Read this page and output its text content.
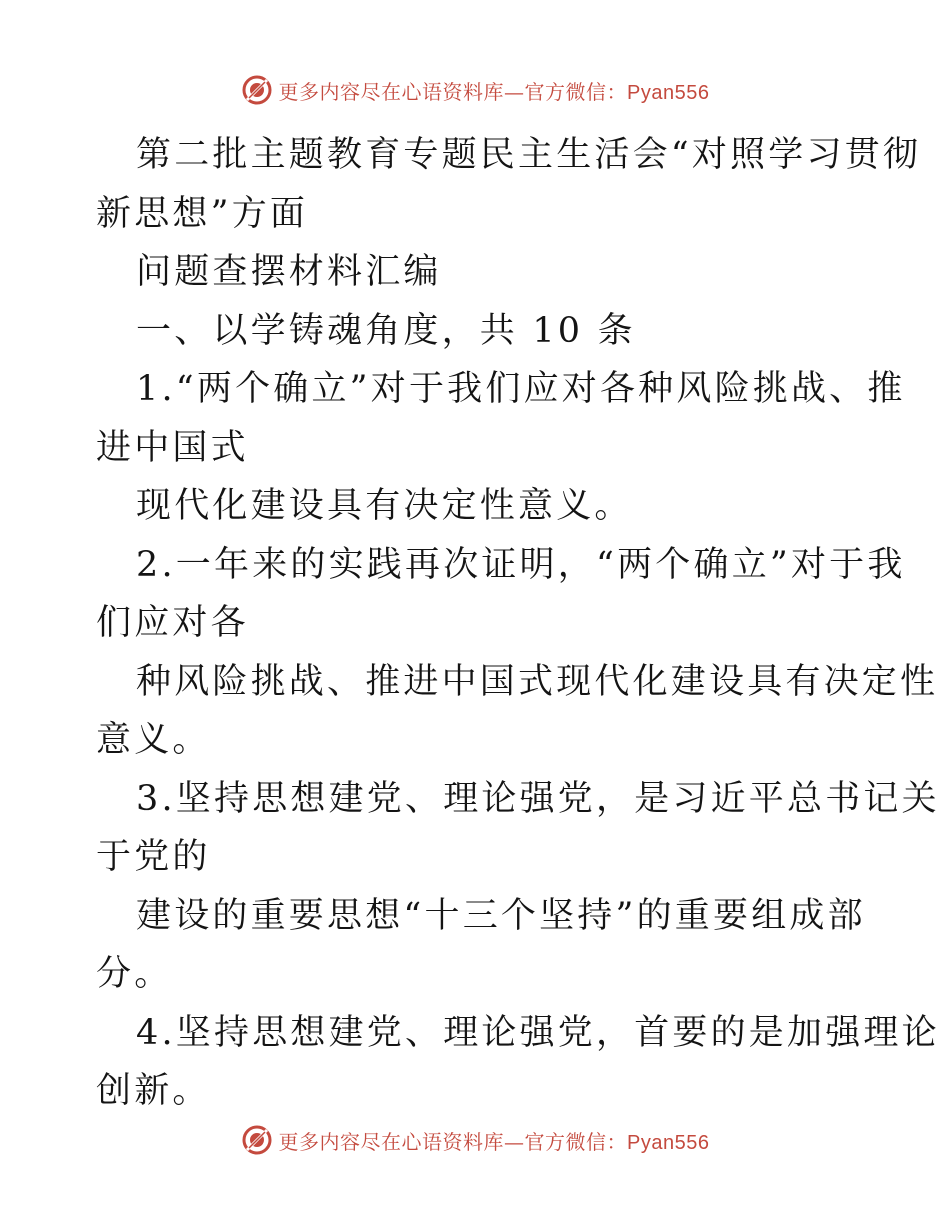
更多内容尽在心语资料库—官方微信：Pyan556
第二批主题教育专题民主生活会“对照学习贯彻
新思想”方面
问题查摆材料汇编
一、以学铸魂角度，共 10 条
1.“两个确立”对于我们应对各种风险挑战、推
进中国式
现代化建设具有决定性意义。
2.一年来的实践再次证明，“两个确立”对于我
们应对各
种风险挑战、推进中国式现代化建设具有决定性
意义。
3.坚持思想建党、理论强党，是习近平总书记关
于党的
建设的重要思想“十三个坚持”的重要组成部
分。
4.坚持思想建党、理论强党，首要的是加强理论
创新。
更多内容尽在心语资料库—官方微信：Pyan556
